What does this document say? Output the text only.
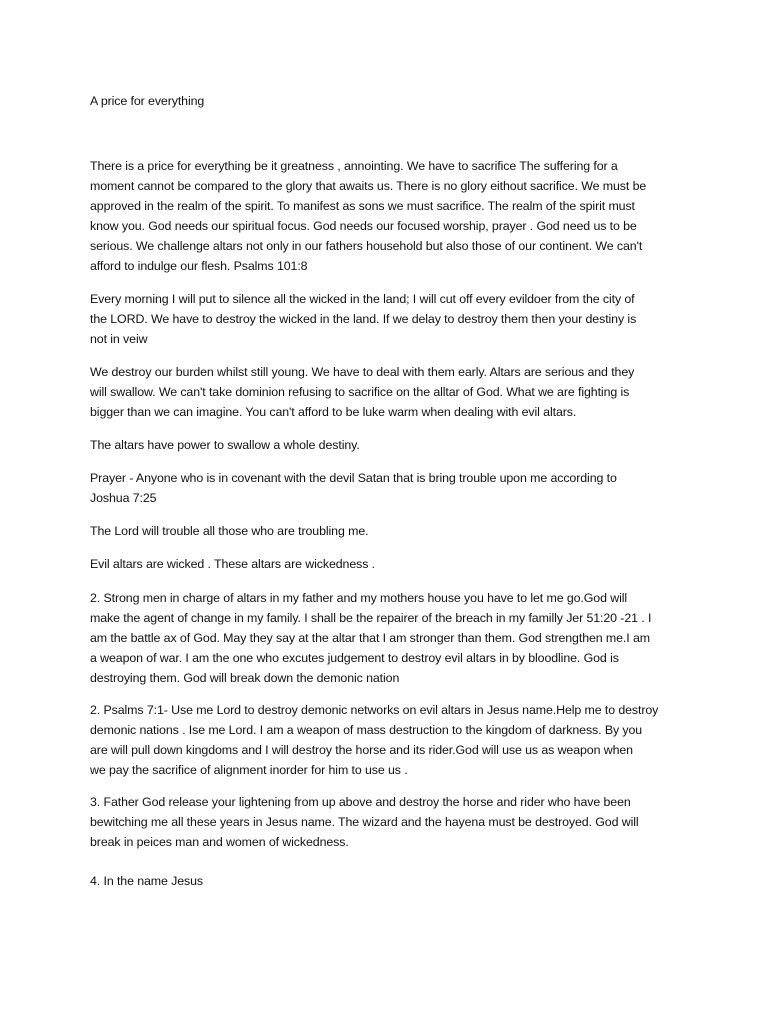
A price for everything

There is a price for everything be it greatness , annointing. We have to sacrifice The suffering for a
moment cannot be compared to the glory that awaits us. There is no glory eithout sacrifice. We must be
approved in the realm of the spirit. To manifest as sons we must sacrifice. The realm of the spirit must
know you. God needs our spiritual focus. God needs our focused worship, prayer . God need us to be
serious. We challenge altars not only in our fathers household but also those of our continent. We can't
afford to indulge our flesh. Psalms 101:8

Every morning I will put to silence all the wicked in the land; I will cut off every evildoer from the city of
the LORD. We have to destroy the wicked in the land. If we delay to destroy them then your destiny is
not in veiw

We destroy our burden whilst still young. We have to deal with them early. Altars are serious and they
will swallow. We can't take dominion refusing to sacrifice on the alltar of God. What we are fighting is
bigger than we can imagine. You can't afford to be luke warm when dealing with evil altars.

The altars have power to swallow a whole destiny.

Prayer - Anyone who is in covenant with the devil Satan that is bring trouble upon me according to
Joshua 7:25

The Lord will trouble all those who are troubling me.

Evil altars are wicked . These altars are wickedness .

2. Strong men in charge of altars in my father and my mothers house you have to let me go.God will
make the agent of change in my family. I shall be the repairer of the breach in my familly Jer 51:20 -21 . I
am the battle ax of God. May they say at the altar that I am stronger than them. God strengthen me.I am
a weapon of war. I am the one who excutes judgement to destroy evil altars in by bloodline. God is
destroying them. God will break down the demonic nation

2. Psalms 7:1- Use me Lord to destroy demonic networks on evil altars in Jesus name.Help me to destroy
demonic nations . Ise me Lord. I am a weapon of mass destruction to the kingdom of darkness. By you
are will pull down kingdoms and I will destroy the horse and its rider.God will use us as weapon when
we pay the sacrifice of alignment inorder for him to use us .

3. Father God release your lightening from up above and destroy the horse and rider who have been
bewitching me all these years in Jesus name. The wizard and the hayena must be destroyed. God will
break in peices man and women of wickedness.

4. In the name Jesus
